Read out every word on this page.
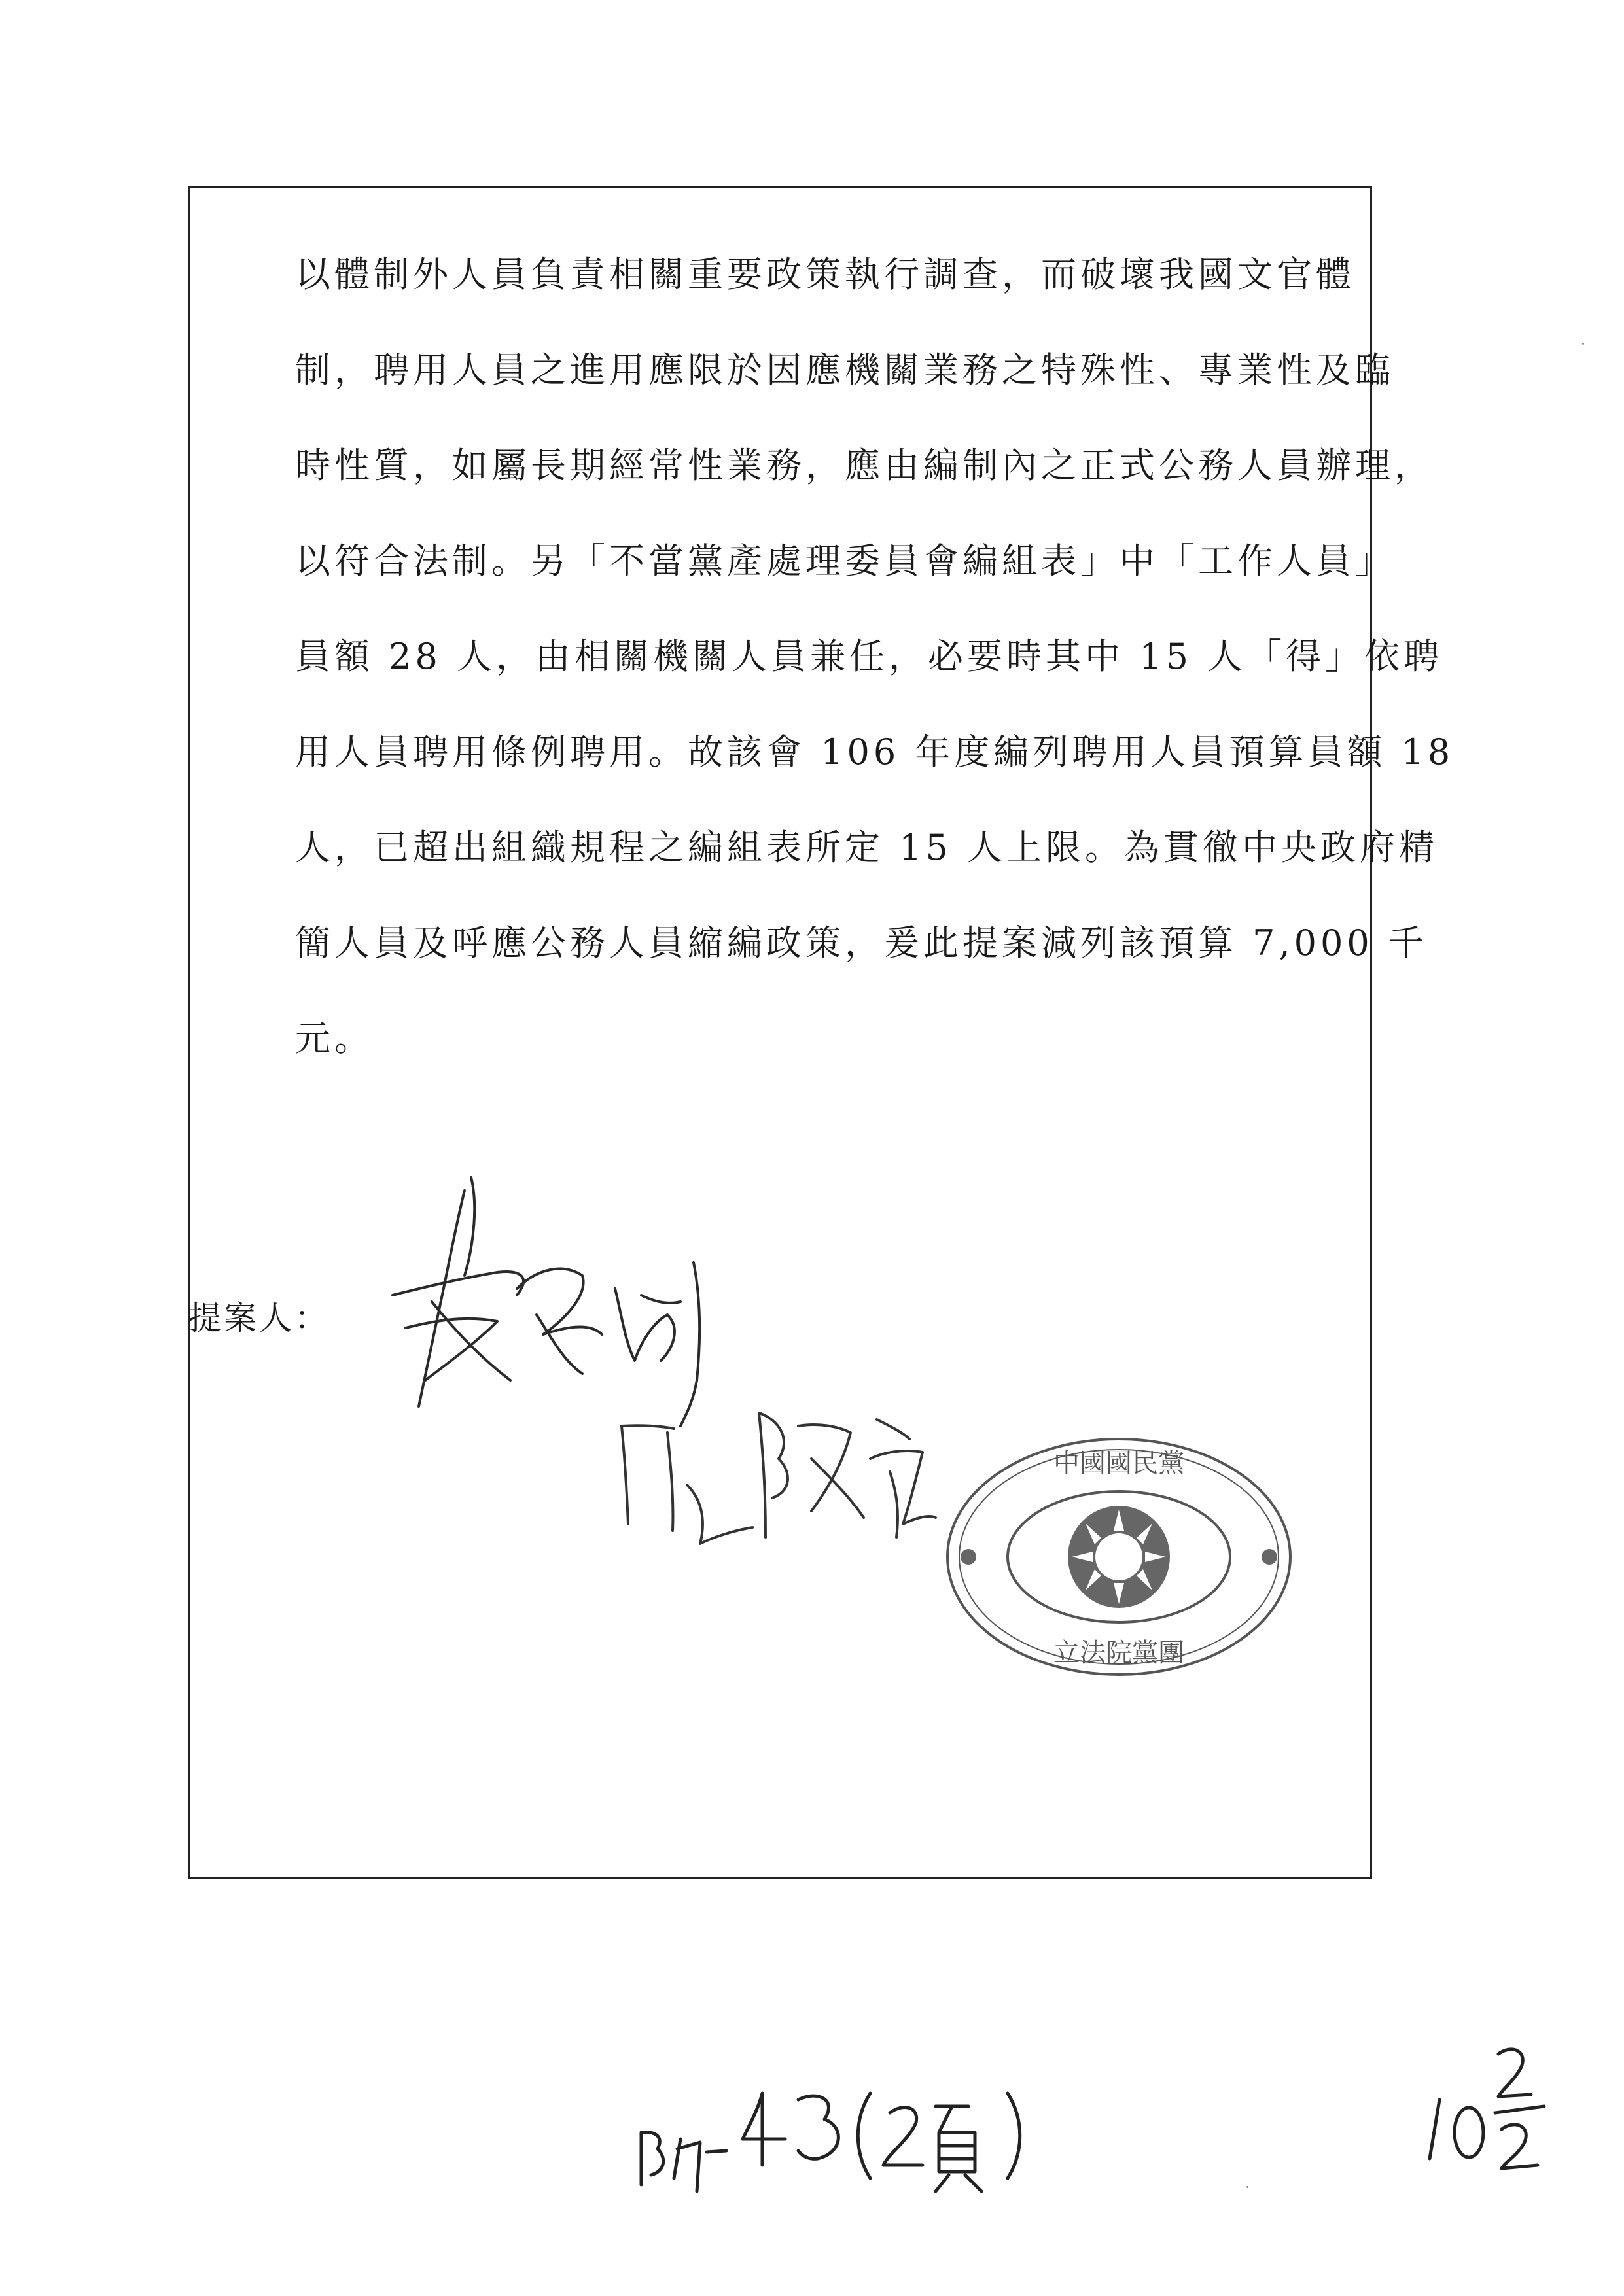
以體制外人員負責相關重要政策執行調查，而破壞我國文官體
制，聘用人員之進用應限於因應機關業務之特殊性、專業性及臨
時性質，如屬長期經常性業務，應由編制內之正式公務人員辦理，
以符合法制。另「不當黨產處理委員會編組表」中「工作人員」
員額 28 人，由相關機關人員兼任，必要時其中 15 人「得」依聘
用人員聘用條例聘用。故該會 106 年度編列聘用人員預算員額 18
人，已超出組織規程之編組表所定 15 人上限。為貫徹中央政府精
簡人員及呼應公務人員縮編政策，爰此提案減列該預算 7,000 千
元。
提案人：
中國國民黨
立法院黨團
